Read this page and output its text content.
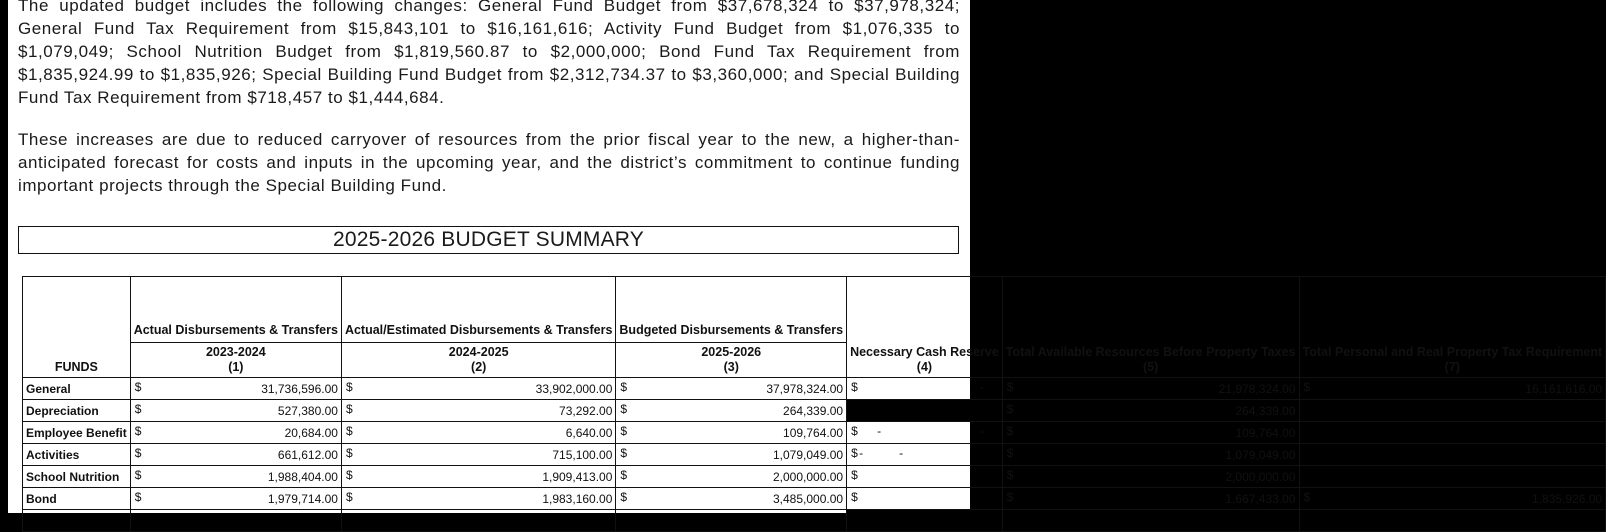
The updated budget includes the following changes: General Fund Budget from $37,678,324 to $37,978,324; General Fund Tax Requirement from $15,843,101 to $16,161,616; Activity Fund Budget from $1,076,335 to $1,079,049; School Nutrition Budget from $1,819,560.87 to $2,000,000; Bond Fund Tax Requirement from $1,835,924.99 to $1,835,926; Special Building Fund Budget from $2,312,734.37 to $3,360,000; and Special Building Fund Tax Requirement from $718,457 to $1,444,684.

These increases are due to reduced carryover of resources from the prior fiscal year to the new, a higher-than-anticipated forecast for costs and inputs in the upcoming year, and the district’s commitment to continue funding important projects through the Special Building Fund.

2025-2026 BUDGET SUMMARY
FUNDS	Actual Disbursements & Transfers
2023-2024
(1)	Actual/Estimated Disbursements & Transfers
2024-2025
(2)	Budgeted Disbursements & Transfers
2025-2026
(3)	Necessary Cash Reserve
(4)	Total Available Resources Before Property Taxes
(5)	Total Personal and Real Property Tax Requirement
(7)

General	$ 31,736,596.00	$ 33,902,000.00	$ 37,978,324.00	$ -	$ 21,978,324.00	$ 16,161,616.00
Depreciation	$ 527,380.00	$ 73,292.00	$ 264,339.00		$ 264,339.00	
Employee Benefit	$ 20,684.00	$ 6,640.00	$ 109,764.00	$ - -	$ 109,764.00	
Activities	$ 661,612.00	$ 715,100.00	$ 1,079,049.00	$ - -	$ 1,079,049.00	
School Nutrition	$ 1,988,404.00	$ 1,909,413.00	$ 2,000,000.00	$	$ 2,000,000.00	
Bond	$ 1,979,714.00	$ 1,983,160.00	$ 3,485,000.00	$	$ 1,667,433.00	$ 1,835,926.00
